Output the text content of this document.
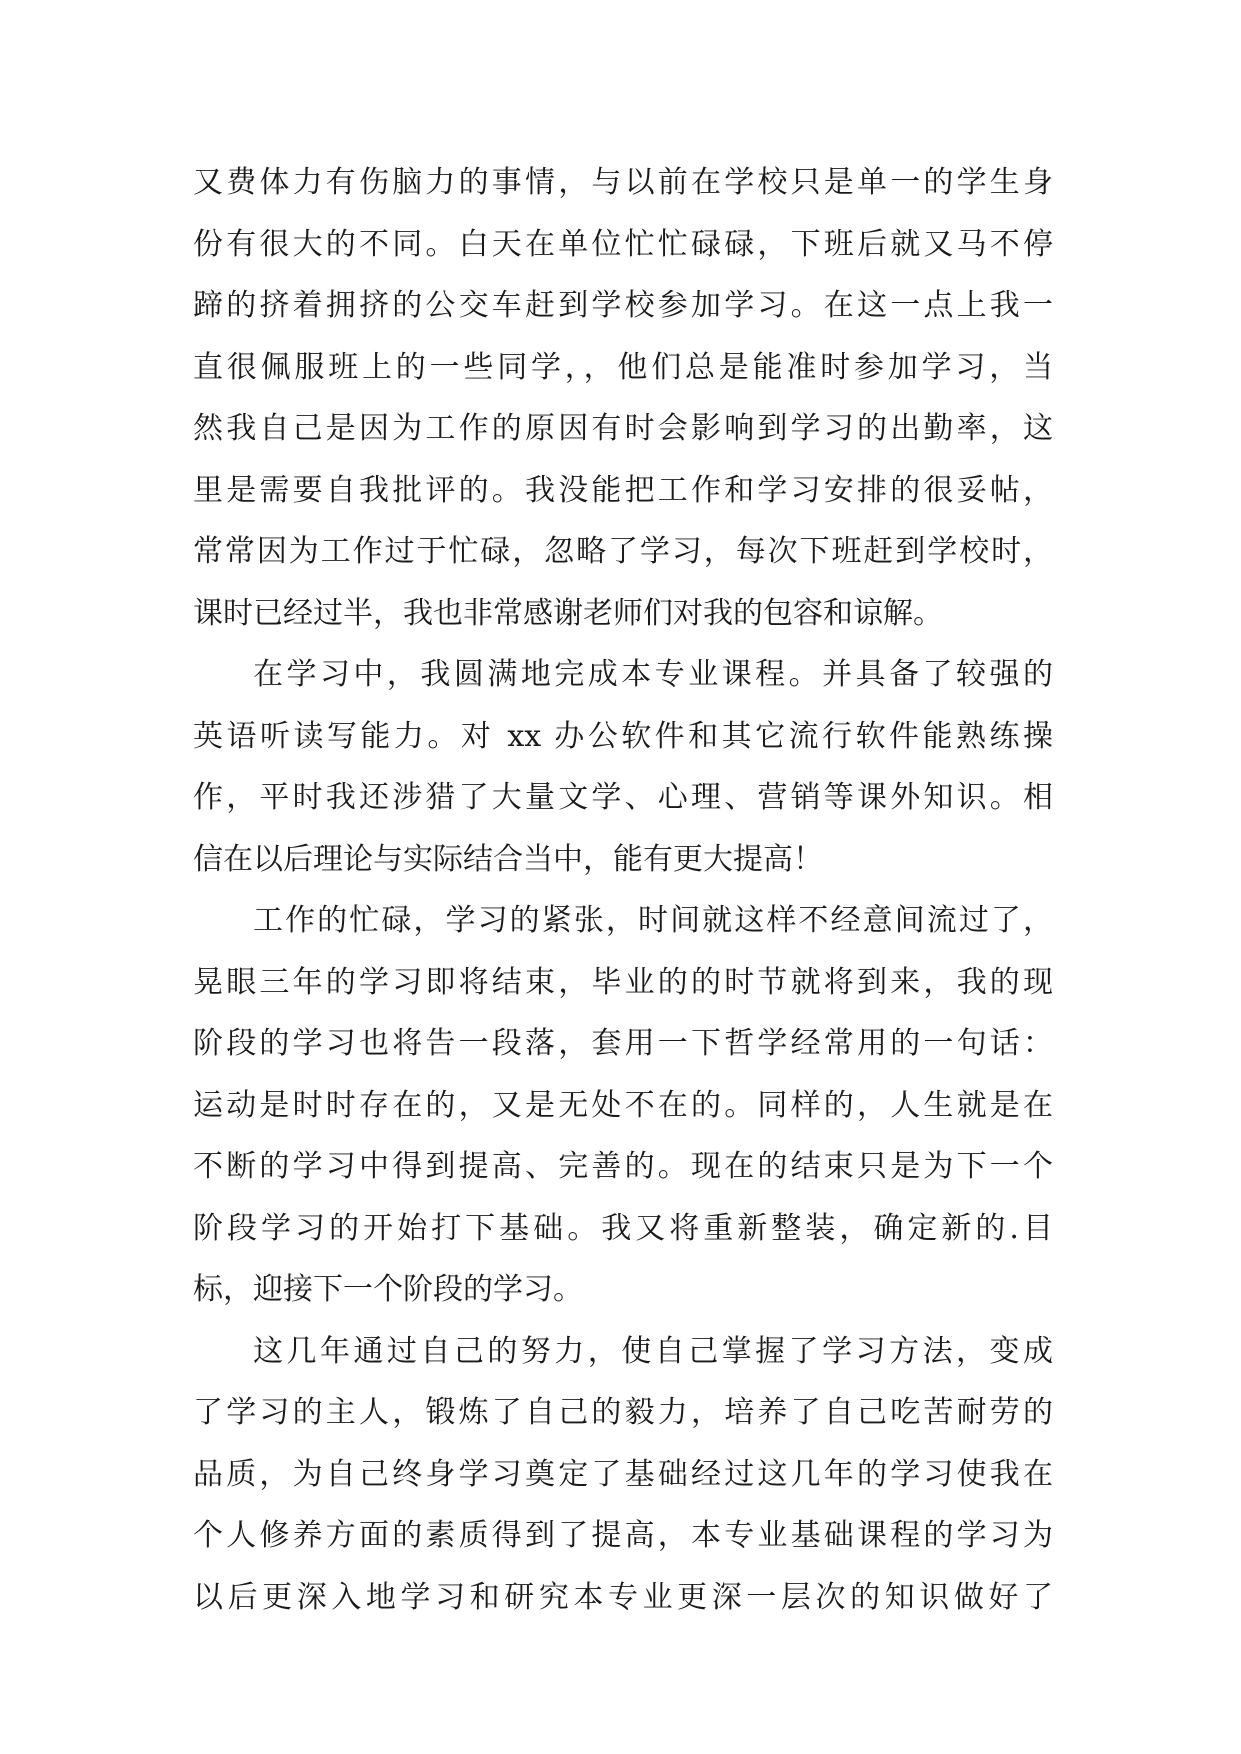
又费体力有伤脑力的事情，与以前在学校只是单一的学生身
份有很大的不同。白天在单位忙忙碌碌，下班后就又马不停
蹄的挤着拥挤的公交车赶到学校参加学习。在这一点上我一
直很佩服班上的一些同学，，他们总是能准时参加学习，当
然我自己是因为工作的原因有时会影响到学习的出勤率，这
里是需要自我批评的。我没能把工作和学习安排的很妥帖，
常常因为工作过于忙碌，忽略了学习，每次下班赶到学校时，
课时已经过半，我也非常感谢老师们对我的包容和谅解。
在学习中，我圆满地完成本专业课程。并具备了较强的
英语听读写能力。对 xx 办公软件和其它流行软件能熟练操
作，平时我还涉猎了大量文学、心理、营销等课外知识。相
信在以后理论与实际结合当中，能有更大提高！
工作的忙碌，学习的紧张，时间就这样不经意间流过了，
晃眼三年的学习即将结束，毕业的的时节就将到来，我的现
阶段的学习也将告一段落，套用一下哲学经常用的一句话：
运动是时时存在的，又是无处不在的。同样的，人生就是在
不断的学习中得到提高、完善的。现在的结束只是为下一个
阶段学习的开始打下基础。我又将重新整装，确定新的.目
标，迎接下一个阶段的学习。
这几年通过自己的努力，使自己掌握了学习方法，变成
了学习的主人，锻炼了自己的毅力，培养了自己吃苦耐劳的
品质，为自己终身学习奠定了基础经过这几年的学习使我在
个人修养方面的素质得到了提高，本专业基础课程的学习为
以后更深入地学习和研究本专业更深一层次的知识做好了
